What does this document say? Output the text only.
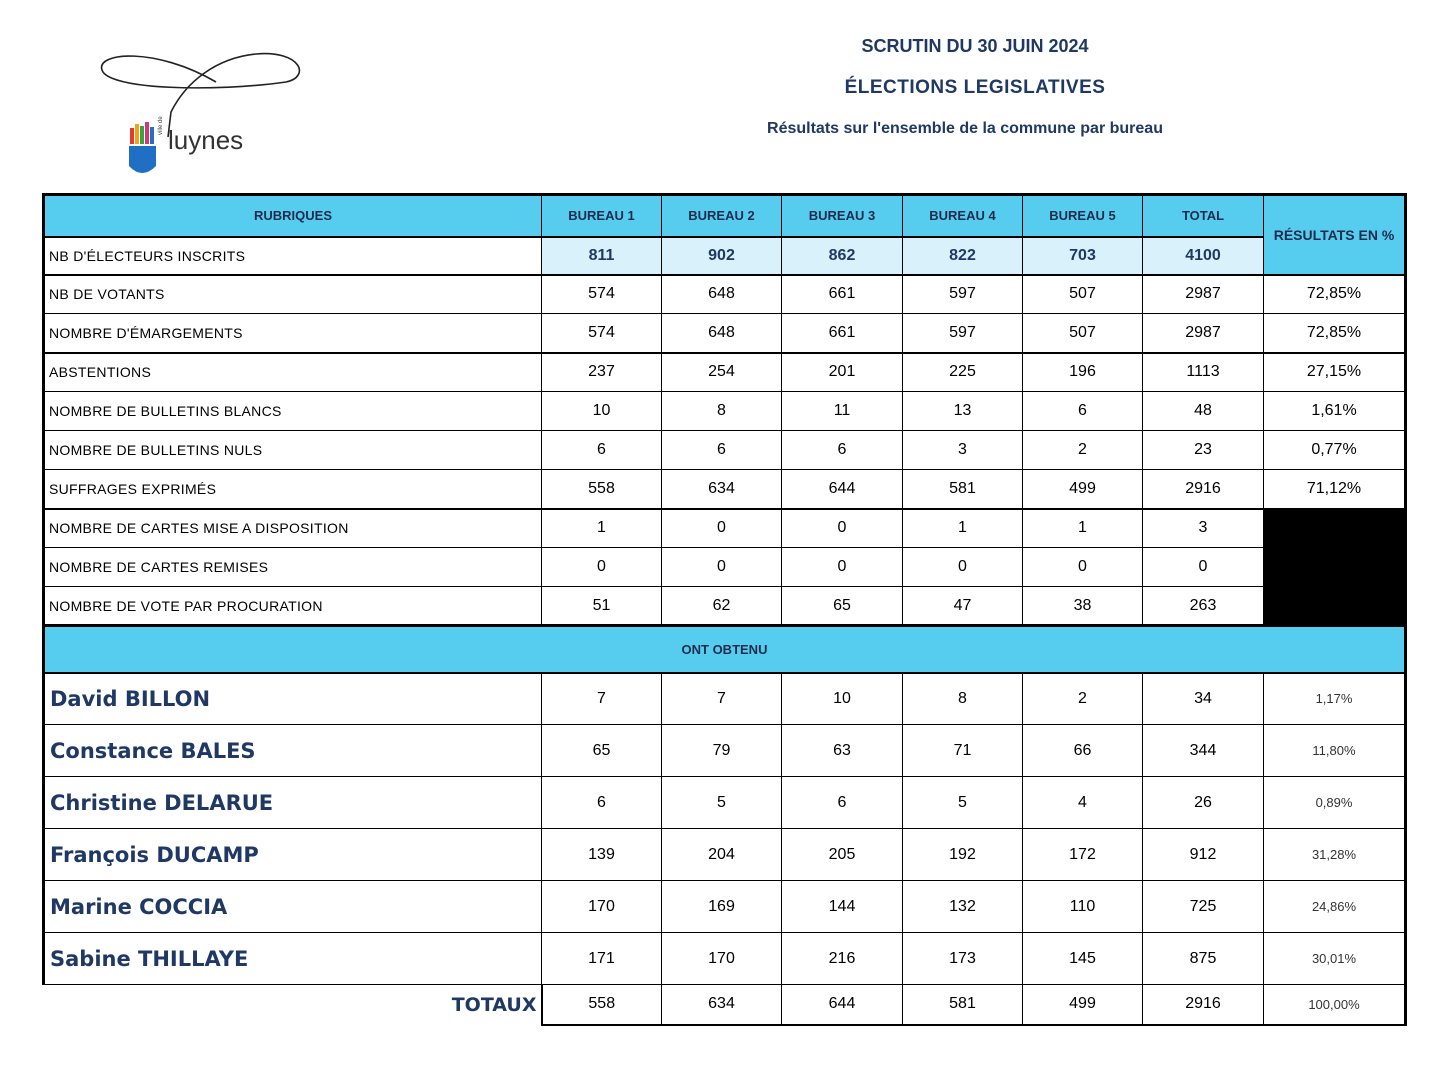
ville de luynes
SCRUTIN DU 30 JUIN 2024
ÉLECTIONS LEGISLATIVES
Résultats sur l'ensemble de la commune par bureau
RUBRIQUES	BUREAU 1	BUREAU 2	BUREAU 3	BUREAU 4	BUREAU 5	TOTAL	RÉSULTATS EN %
NB D'ÉLECTEURS INSCRITS	811	902	862	822	703	4100	
NB DE VOTANTS	574	648	661	597	507	2987	72,85%
NOMBRE D'ÉMARGEMENTS	574	648	661	597	507	2987	72,85%
ABSTENTIONS	237	254	201	225	196	1113	27,15%
NOMBRE DE BULLETINS BLANCS	10	8	11	13	6	48	1,61%
NOMBRE DE BULLETINS NULS	6	6	6	3	2	23	0,77%
SUFFRAGES EXPRIMÉS	558	634	644	581	499	2916	71,12%
NOMBRE DE CARTES MISE A DISPOSITION	1	0	0	1	1	3	
NOMBRE DE CARTES REMISES	0	0	0	0	0	0	
NOMBRE DE VOTE PAR PROCURATION	51	62	65	47	38	263	
ONT OBTENU							
David BILLON	7	7	10	8	2	34	1,17%
Constance BALES	65	79	63	71	66	344	11,80%
Christine DELARUE	6	5	6	5	4	26	0,89%
François DUCAMP	139	204	205	192	172	912	31,28%
Marine COCCIA	170	169	144	132	110	725	24,86%
Sabine THILLAYE	171	170	216	173	145	875	30,01%
TOTAUX	558	634	644	581	499	2916	100,00%
